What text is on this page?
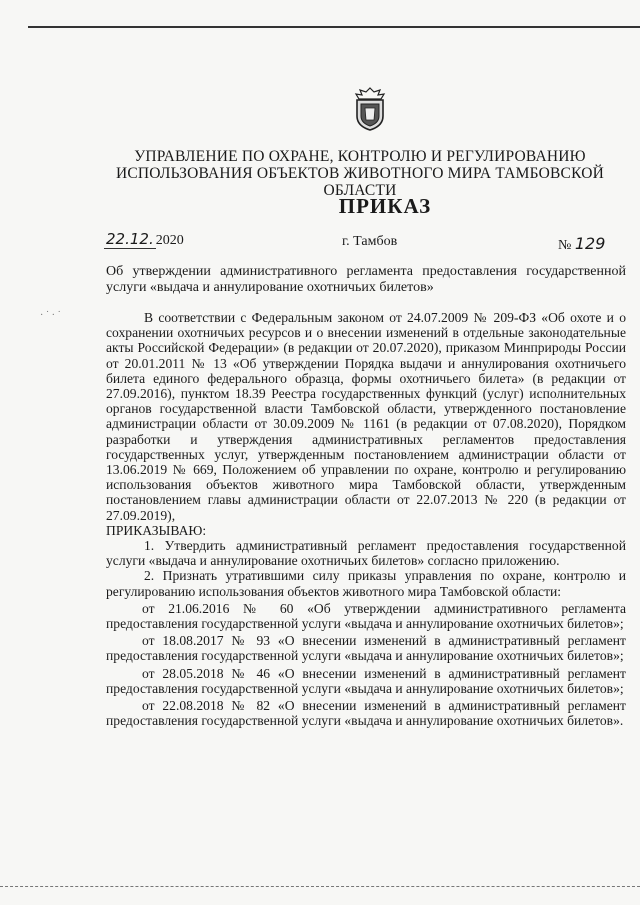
УПРАВЛЕНИЕ ПО ОХРАНЕ, КОНТРОЛЮ И РЕГУЛИРОВАНИЮ
ИСПОЛЬЗОВАНИЯ ОБЪЕКТОВ ЖИВОТНОГО МИРА ТАМБОВСКОЙ ОБЛАСТИ
ПРИКАЗ
22.12. 2020	г. Тамбов	№ 129
Об утверждении административного регламента предоставления государственной услуги «выдача и аннулирование охотничьих билетов»
· ˙ · ˙	В соответствии с Федеральным законом от 24.07.2009 № 209-ФЗ «Об охоте и о сохранении охотничьих ресурсов и о внесении изменений в отдельные законодательные акты Российской Федерации» (в редакции от 20.07.2020), приказом Минприроды России от 20.01.2011 № 13 «Об утверждении Порядка выдачи и аннулирования охотничьего билета единого федерального образца, формы охотничьего билета» (в редакции от 27.09.2016), пунктом 18.39 Реестра государственных функций (услуг) исполнительных органов государственной власти Тамбовской области, утвержденного постановление администрации области от 30.09.2009 № 1161 (в редакции от 07.08.2020), Порядком разработки и утверждения административных регламентов предоставления государственных услуг, утвержденным постановлением администрации области от 13.06.2019 № 669, Положением об управлении по охране, контролю и регулированию использования объектов животного мира Тамбовской области, утвержденным постановлением главы администрации области от 22.07.2013 № 220 (в редакции от 27.09.2019),

ПРИКАЗЫВАЮ:

1. Утвердить административный регламент предоставления государственной услуги «выдача и аннулирование охотничьих билетов» согласно приложению.

2. Признать утратившими силу приказы управления по охране, контролю и регулированию использования объектов животного мира Тамбовской области:

от 21.06.2016 № 60 «Об утверждении административного регламента предоставления государственной услуги «выдача и аннулирование охотничьих билетов»;

от 18.08.2017 № 93 «О внесении изменений в административный регламент предоставления государственной услуги «выдача и аннулирование охотничьих билетов»;

от 28.05.2018 № 46 «О внесении изменений в административный регламент предоставления государственной услуги «выдача и аннулирование охотничьих билетов»;

от 22.08.2018 № 82 «О внесении изменений в административный регламент предоставления государственной услуги «выдача и аннулирование охотничьих билетов».
